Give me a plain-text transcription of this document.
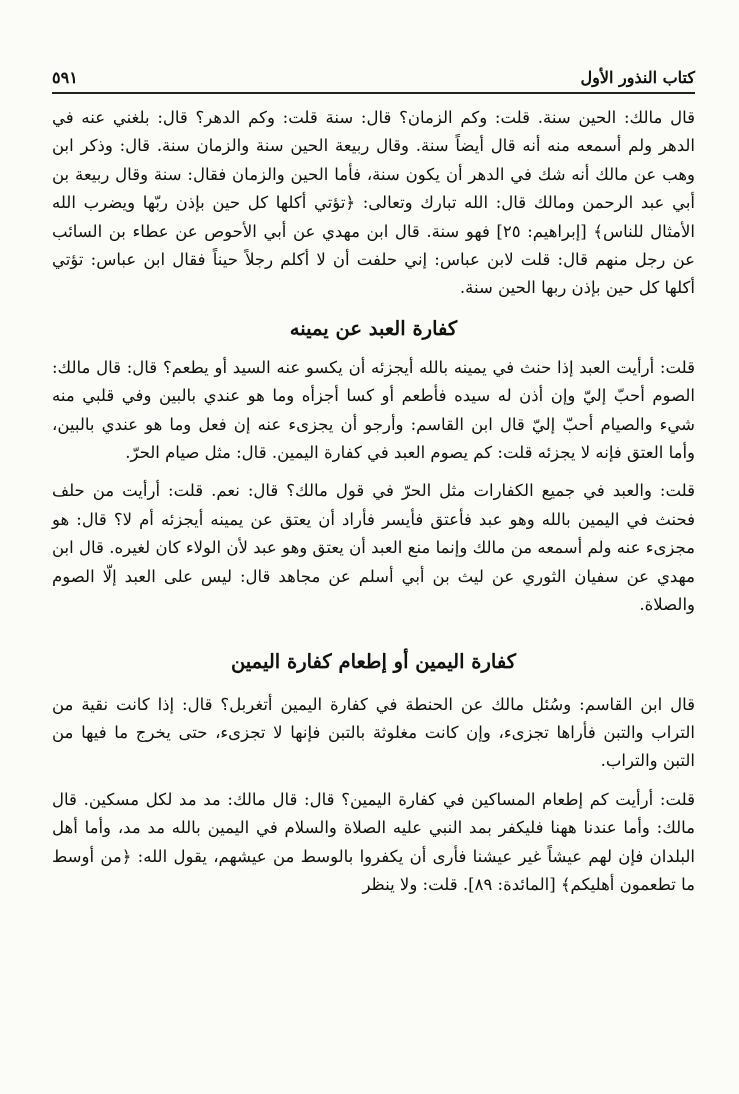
كتاب النذور الأول
٥٩١

قال مالك: الحين سنة. قلت: وكم الزمان؟ قال: سنة قلت: وكم الدهر؟ قال: بلغني عنه في الدهر ولم أسمعه منه أنه قال أيضاً سنة. وقال ربيعة الحين سنة والزمان سنة. قال: وذكر ابن وهب عن مالك أنه شك في الدهر أن يكون سنة، فأما الحين والزمان فقال: سنة وقال ربيعة بن أبي عبد الرحمن ومالك قال: الله تبارك وتعالى: ﴿تؤتي أكلها كل حين بإذن ربّها ويضرب الله الأمثال للناس﴾ [إبراهيم: ٢٥] فهو سنة. قال ابن مهدي عن أبي الأحوص عن عطاء بن السائب عن رجل منهم قال: قلت لابن عباس: إني حلفت أن لا أكلم رجلاً حيناً فقال ابن عباس: تؤتي أكلها كل حين بإذن ربها الحين سنة.

كفارة العبد عن يمينه

قلت: أرأيت العبد إذا حنث في يمينه بالله أيجزئه أن يكسو عنه السيد أو يطعم؟ قال: قال مالك: الصوم أحبّ إليّ وإن أذن له سيده فأطعم أو كسا أجزأه وما هو عندي بالبين وفي قلبي منه شيء والصيام أحبّ إليّ قال ابن القاسم: وأرجو أن يجزىء عنه إن فعل وما هو عندي بالبين، وأما العتق فإنه لا يجزئه قلت: كم يصوم العبد في كفارة اليمين. قال: مثل صيام الحرّ.

قلت: والعبد في جميع الكفارات مثل الحرّ في قول مالك؟ قال: نعم. قلت: أرأيت من حلف فحنث في اليمين بالله وهو عبد فأعتق فأيسر فأراد أن يعتق عن يمينه أيجزئه أم لا؟ قال: هو مجزىء عنه ولم أسمعه من مالك وإنما منع العبد أن يعتق وهو عبد لأن الولاء كان لغيره. قال ابن مهدي عن سفيان الثوري عن ليث بن أبي أسلم عن مجاهد قال: ليس على العبد إلّا الصوم والصلاة.

كفارة اليمين أو إطعام كفارة اليمين

قال ابن القاسم: وسُئل مالك عن الحنطة في كفارة اليمين أتغربل؟ قال: إذا كانت نقية من التراب والتبن فأراها تجزىء، وإن كانت مغلوثة بالتبن فإنها لا تجزىء، حتى يخرج ما فيها من التبن والتراب.

قلت: أرأيت كم إطعام المساكين في كفارة اليمين؟ قال: قال مالك: مد مد لكل مسكين. قال مالك: وأما عندنا ههنا فليكفر بمد النبي عليه الصلاة والسلام في اليمين بالله مد مد، وأما أهل البلدان فإن لهم عيشاً غير عيشنا فأرى أن يكفروا بالوسط من عيشهم، يقول الله: ﴿من أوسط ما تطعمون أهليكم﴾ [المائدة: ٨٩]. قلت: ولا ينظر
